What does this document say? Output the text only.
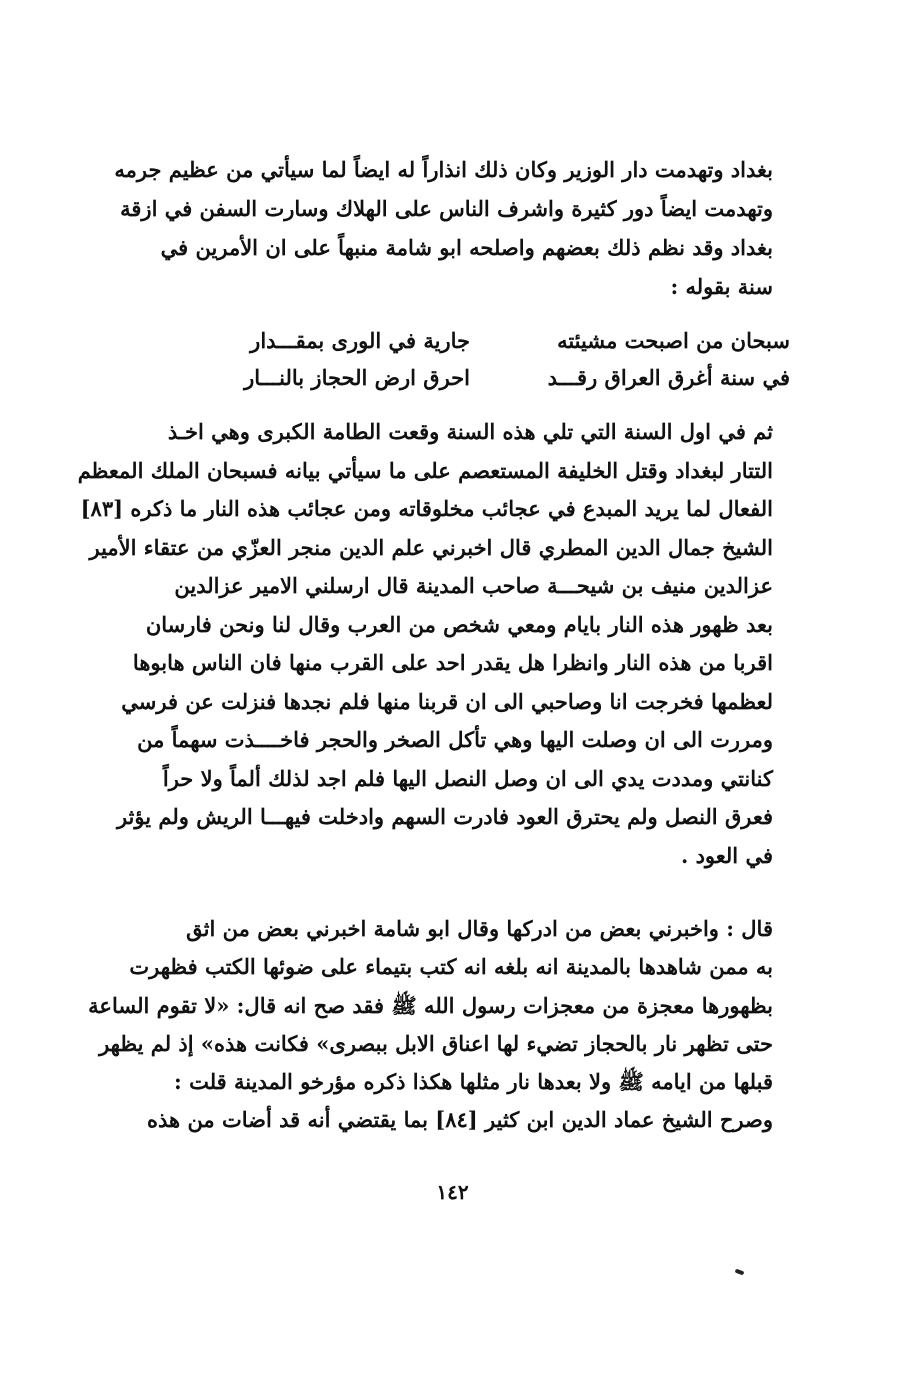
بغداد وتهدمت دار الوزير وكان ذلك انذاراً له ايضاً لما سيأتي من عظيم جرمه
وتهدمت ايضاً دور كثيرة واشرف الناس على الهلاك وسارت السفن في ازقة
بغداد وقد نظم ذلك بعضهم واصلحه ابو شامة منبهاً على ان الأمرين في
سنة بقوله :
سبحان من اصبحت مشيئته
جارية في الورى بمقـــدار
في سنة أغرق العراق رقـــد
احرق ارض الحجاز بالنـــار
ثم في اول السنة التي تلي هذه السنة وقعت الطامة الكبرى وهي اخـذ
التتار لبغداد وقتل الخليفة المستعصم على ما سيأتي بيانه فسبحان الملك المعظم
الفعال لما يريد المبدع في عجائب مخلوقاته ومن عجائب هذه النار ما ذكره [٨٣]
الشيخ جمال الدين المطري قال اخبرني علم الدين منجر العزّي من عتقاء الأمير
عزالدين منيف بن شيحـــة صاحب المدينة قال ارسلني الامير عزالدين
بعد ظهور هذه النار بايام ومعي شخص من العرب وقال لنا ونحن فارسان
اقربا من هذه النار وانظرا هل يقدر احد على القرب منها فان الناس هابوها
لعظمها فخرجت انا وصاحبي الى ان قربنا منها فلم نجدها فنزلت عن فرسي
ومررت الى ان وصلت اليها وهي تأكل الصخر والحجر فاخــــذت سهماً من
كنانتي ومددت يدي الى ان وصل النصل اليها فلم اجد لذلك ألماً ولا حراً
فعرق النصل ولم يحترق العود فادرت السهم وادخلت فيهـــا الريش ولم يؤثر
في العود .
قال : واخبرني بعض من ادركها وقال ابو شامة اخبرني بعض من اثق
به ممن شاهدها بالمدينة انه بلغه انه كتب بتيماء على ضوئها الكتب فظهرت
بظهورها معجزة من معجزات رسول الله ﷺ فقد صح انه قال: «لا تقوم الساعة
حتى تظهر نار بالحجاز تضيء لها اعناق الابل ببصرى» فكانت هذه» إذ لم يظهر
قبلها من ايامه ﷺ ولا بعدها نار مثلها هكذا ذكره مؤرخو المدينة قلت :
وصرح الشيخ عماد الدين ابن كثير [٨٤] بما يقتضي أنه قد أضات من هذه
١٤٢
